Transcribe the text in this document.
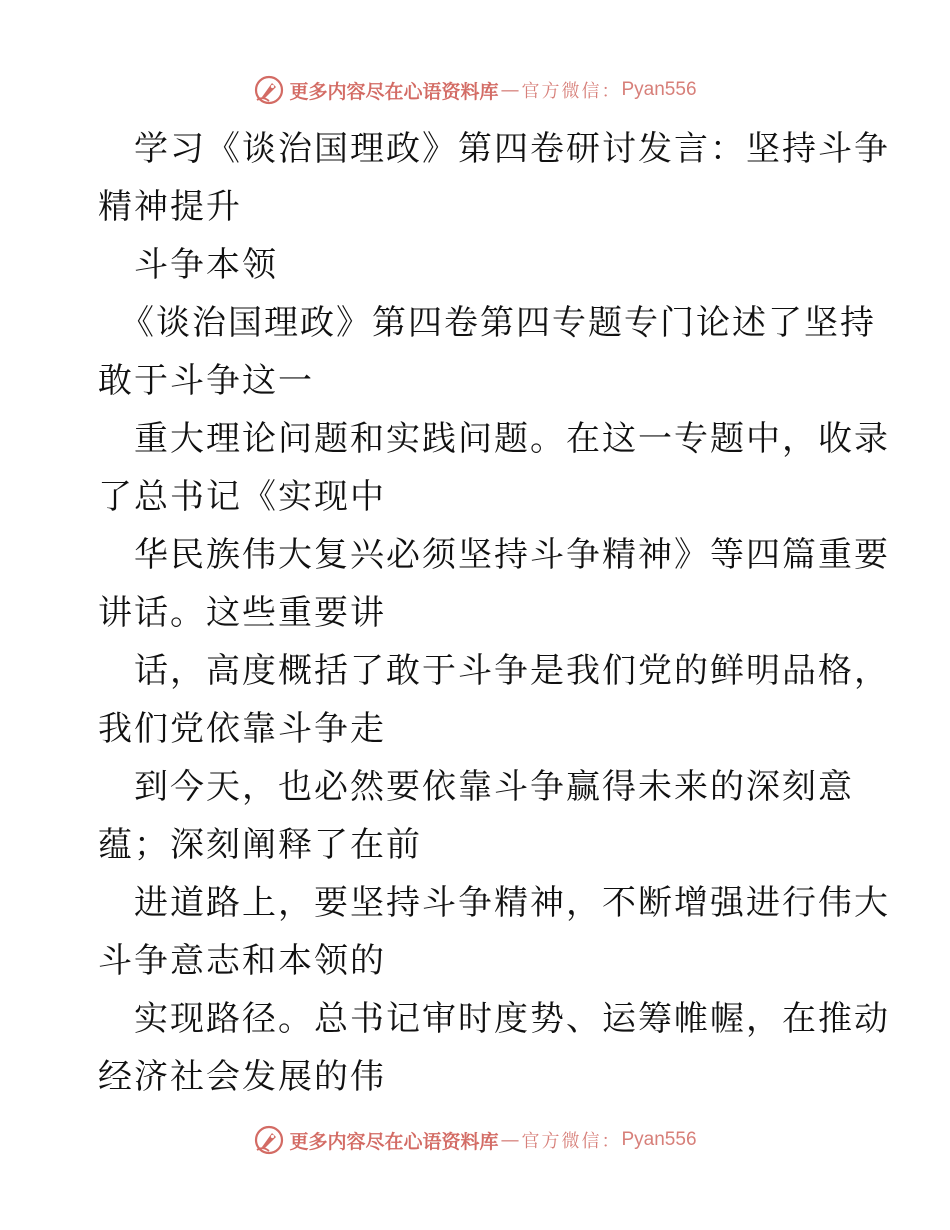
更多内容尽在心语资料库 — 官方微信： Pyan556
学习《谈治国理政》第四卷研讨发言：坚持斗争
精神提升
斗争本领
《谈治国理政》第四卷第四专题专门论述了坚持
敢于斗争这一
重大理论问题和实践问题。在这一专题中，收录
了总书记《实现中
华民族伟大复兴必须坚持斗争精神》等四篇重要
讲话。这些重要讲
话，高度概括了敢于斗争是我们党的鲜明品格，
我们党依靠斗争走
到今天，也必然要依靠斗争赢得未来的深刻意
蕴；深刻阐释了在前
进道路上，要坚持斗争精神，不断增强进行伟大
斗争意志和本领的
实现路径。总书记审时度势、运筹帷幄，在推动
经济社会发展的伟
更多内容尽在心语资料库 — 官方微信： Pyan556
